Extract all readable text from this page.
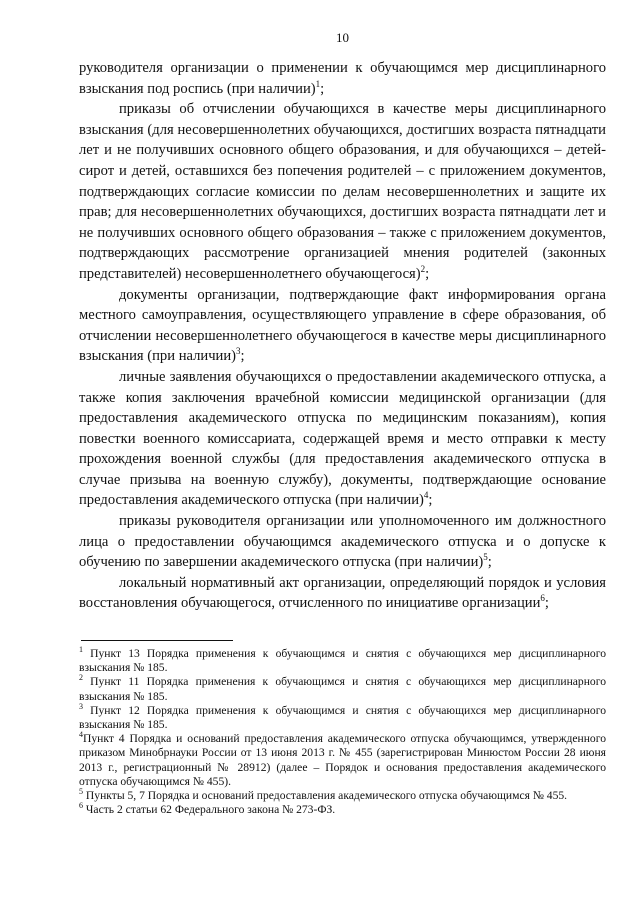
10

руководителя организации о применении к обучающимся мер дисциплинарного взыскания под роспись (при наличии)$^1$;

приказы об отчислении обучающихся в качестве меры дисциплинарного взыскания (для несовершеннолетних обучающихся, достигших возраста пятнадцати лет и не получивших основного общего образования, и для обучающихся – детей-сирот и детей, оставшихся без попечения родителей – с приложением документов, подтверждающих согласие комиссии по делам несовершеннолетних и защите их прав; для несовершеннолетних обучающихся, достигших возраста пятнадцати лет и не получивших основного общего образования – также с приложением документов, подтверждающих рассмотрение организацией мнения родителей (законных представителей) несовершеннолетнего обучающегося)$^2$;

документы организации, подтверждающие факт информирования органа местного самоуправления, осуществляющего управление в сфере образования, об отчислении несовершеннолетнего обучающегося в качестве меры дисциплинарного взыскания (при наличии)$^3$;

личные заявления обучающихся о предоставлении академического отпуска, а также копия заключения врачебной комиссии медицинской организации (для предоставления академического отпуска по медицинским показаниям), копия повестки военного комиссариата, содержащей время и место отправки к месту прохождения военной службы (для предоставления академического отпуска в случае призыва на военную службу), документы, подтверждающие основание предоставления академического отпуска (при наличии)$^4$;

приказы руководителя организации или уполномоченного им должностного лица о предоставлении обучающимся академического отпуска и о допуске к обучению по завершении академического отпуска (при наличии)$^5$;

локальный нормативный акт организации, определяющий порядок и условия восстановления обучающегося, отчисленного по инициативе организации$^6$;

$^1$ Пункт 13 Порядка применения к обучающимся и снятия с обучающихся мер дисциплинарного взыскания № 185.

$^2$ Пункт 11 Порядка применения к обучающимся и снятия с обучающихся мер дисциплинарного взыскания № 185.

$^3$ Пункт 12 Порядка применения к обучающимся и снятия с обучающихся мер дисциплинарного взыскания № 185.

$^4$Пункт 4 Порядка и оснований предоставления академического отпуска обучающимся, утвержденного приказом Минобрнауки России от 13 июня 2013 г. № 455 (зарегистрирован Минюстом России 28 июня 2013 г., регистрационный № 28912) (далее – Порядок и основания предоставления академического отпуска обучающимся № 455).

$^5$ Пункты 5, 7 Порядка и оснований предоставления академического отпуска обучающимся № 455.

$^6$ Часть 2 статьи 62 Федерального закона № 273-ФЗ.
